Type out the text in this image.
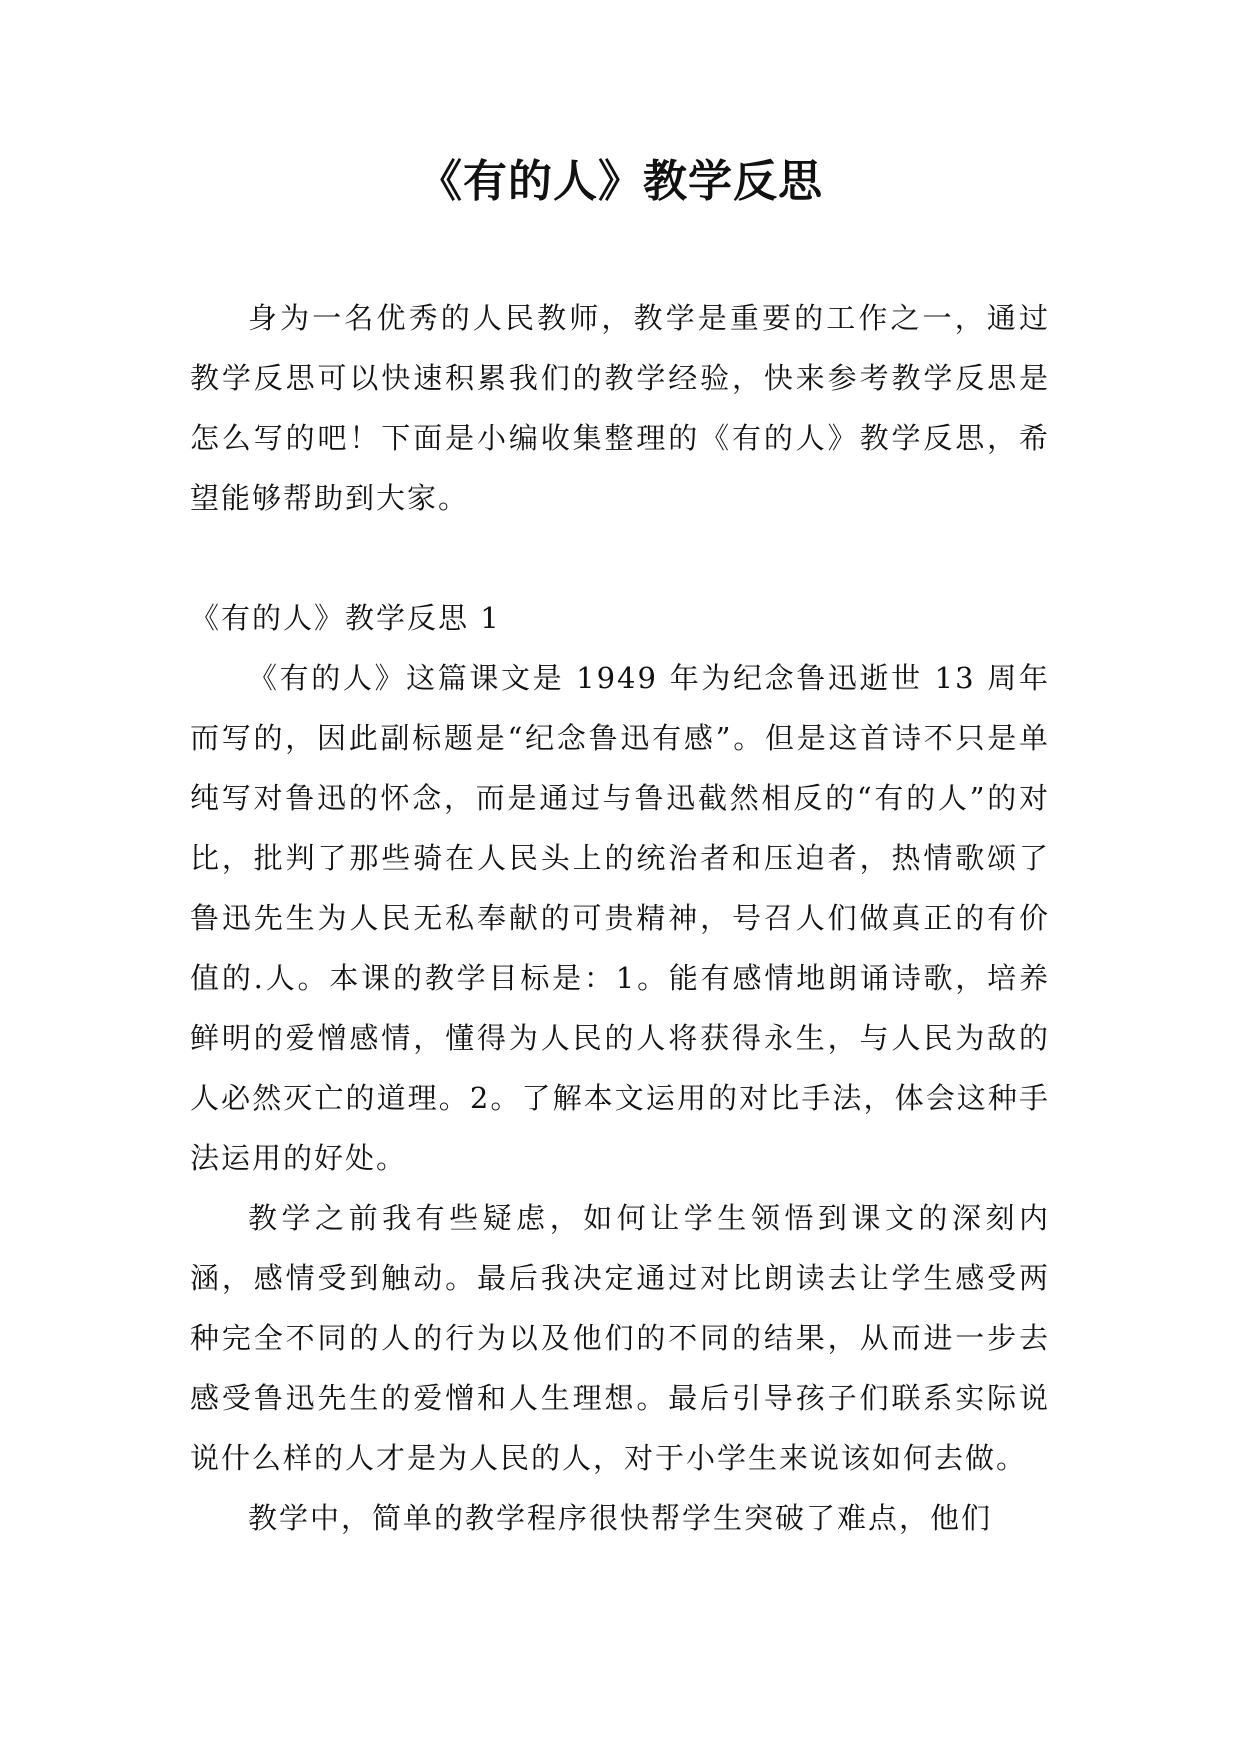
《有的人》教学反思

身为一名优秀的人民教师，教学是重要的工作之一，通过教学反思可以快速积累我们的教学经验，快来参考教学反思是怎么写的吧！下面是小编收集整理的《有的人》教学反思，希望能够帮助到大家。

《有的人》教学反思 1

《有的人》这篇课文是 1949 年为纪念鲁迅逝世 13 周年而写的，因此副标题是“纪念鲁迅有感”。但是这首诗不只是单纯写对鲁迅的怀念，而是通过与鲁迅截然相反的“有的人”的对比，批判了那些骑在人民头上的统治者和压迫者，热情歌颂了鲁迅先生为人民无私奉献的可贵精神，号召人们做真正的有价值的.人。本课的教学目标是：1。能有感情地朗诵诗歌，培养鲜明的爱憎感情，懂得为人民的人将获得永生，与人民为敌的人必然灭亡的道理。2。了解本文运用的对比手法，体会这种手法运用的好处。

教学之前我有些疑虑，如何让学生领悟到课文的深刻内涵，感情受到触动。最后我决定通过对比朗读去让学生感受两种完全不同的人的行为以及他们的不同的结果，从而进一步去感受鲁迅先生的爱憎和人生理想。最后引导孩子们联系实际说说什么样的人才是为人民的人，对于小学生来说该如何去做。

教学中，简单的教学程序很快帮学生突破了难点，他们
